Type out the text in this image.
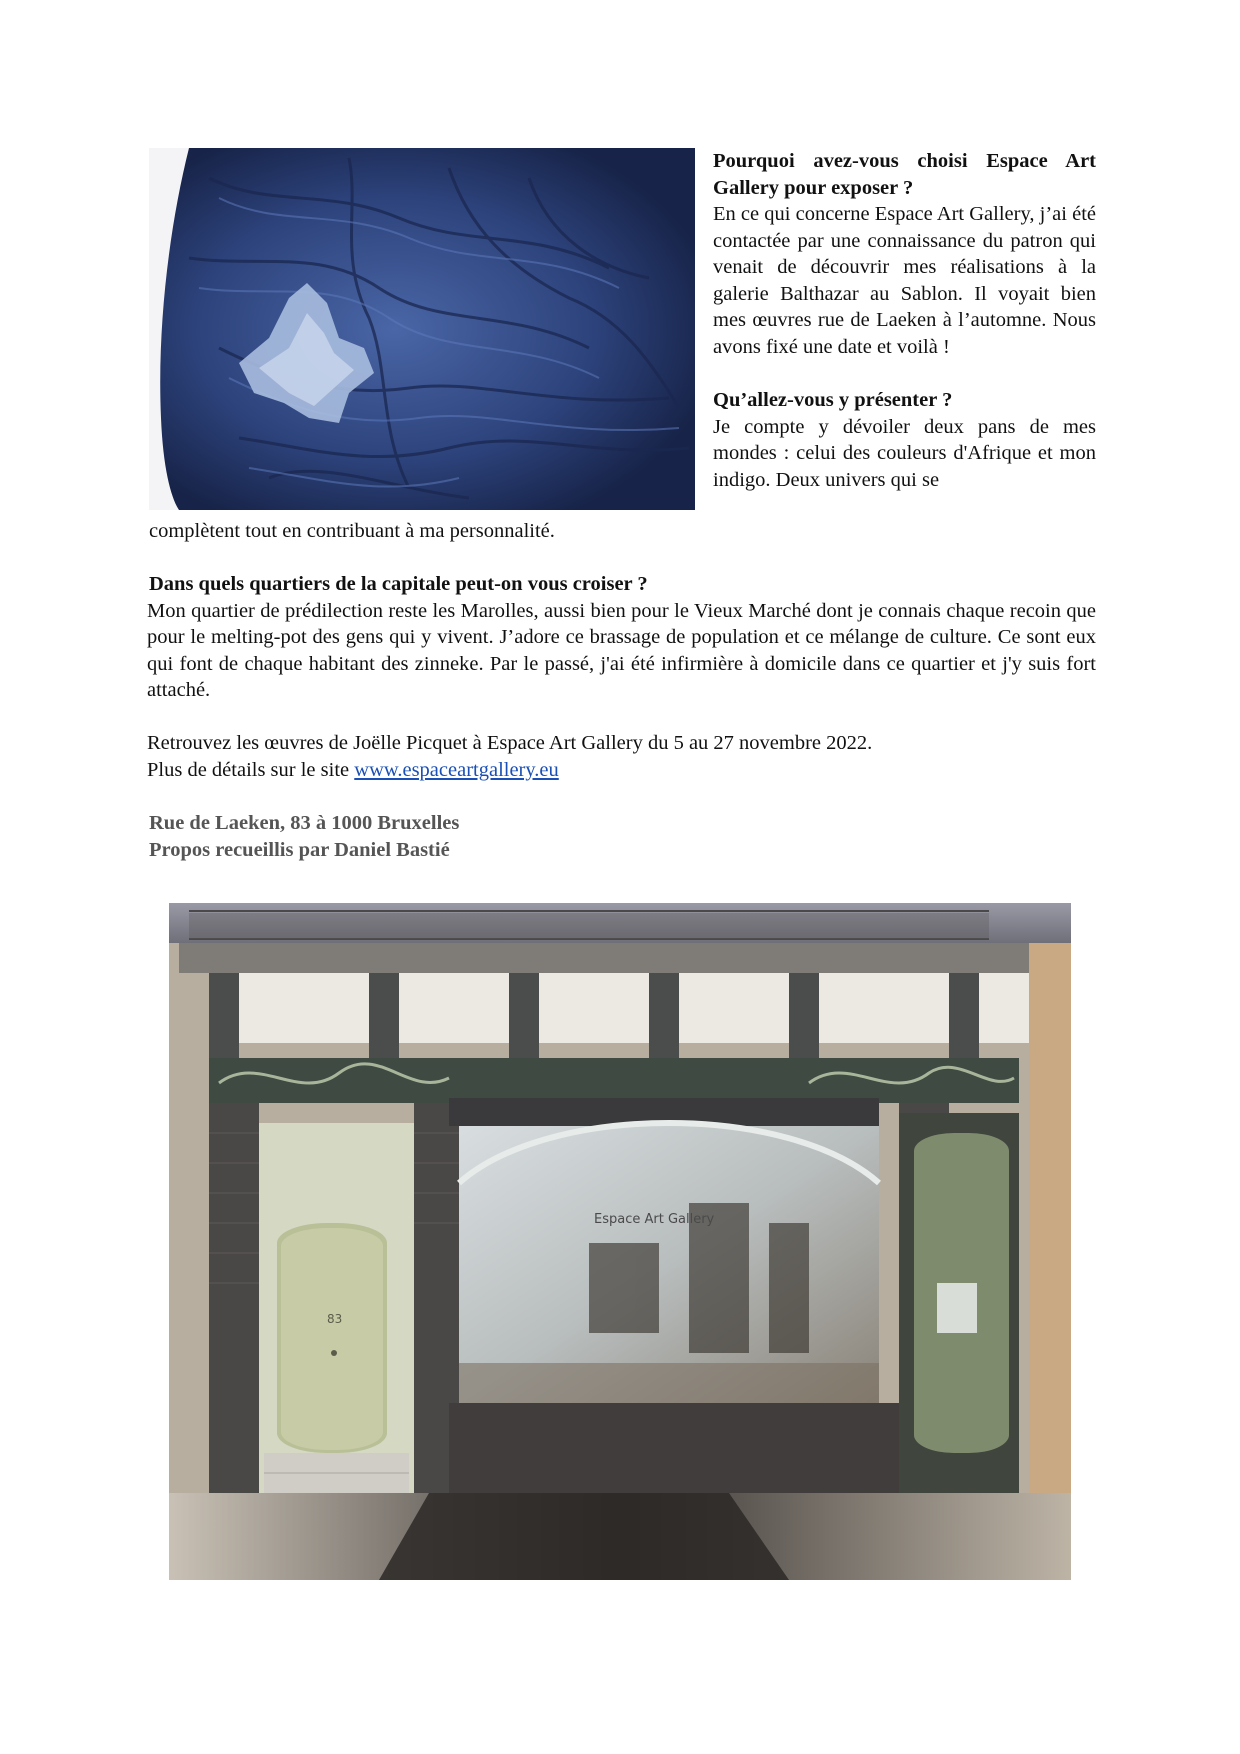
Pourquoi avez-vous choisi Espace Art Gallery pour exposer ?

En ce qui concerne Espace Art Gallery, j’ai été contactée par une connaissance du patron qui venait de découvrir mes réalisations à la galerie Balthazar au Sablon. Il voyait bien mes œuvres rue de Laeken à l’automne. Nous avons fixé une date et voilà !

Qu’allez-vous y présenter ?

Je compte y dévoiler deux pans de mes mondes : celui des couleurs d'Afrique et mon indigo. Deux univers qui se

complètent tout en contribuant à ma personnalité.

Dans quels quartiers de la capitale peut-on vous croiser ?

Mon quartier de prédilection reste les Marolles, aussi bien pour le Vieux Marché dont je connais chaque recoin que pour le melting-pot des gens qui y vivent. J’adore ce brassage de population et ce mélange de culture. Ce sont eux qui font de chaque habitant des zinneke. Par le passé, j'ai été infirmière à domicile dans ce quartier et j'y suis fort attaché.

Retrouvez les œuvres de Joëlle Picquet à Espace Art Gallery du 5 au 27 novembre 2022.

Plus de détails sur le site www.espaceartgallery.eu

Rue de Laeken, 83 à 1000 Bruxelles

Propos recueillis par Daniel Bastié

83
Espace Art Gallery
